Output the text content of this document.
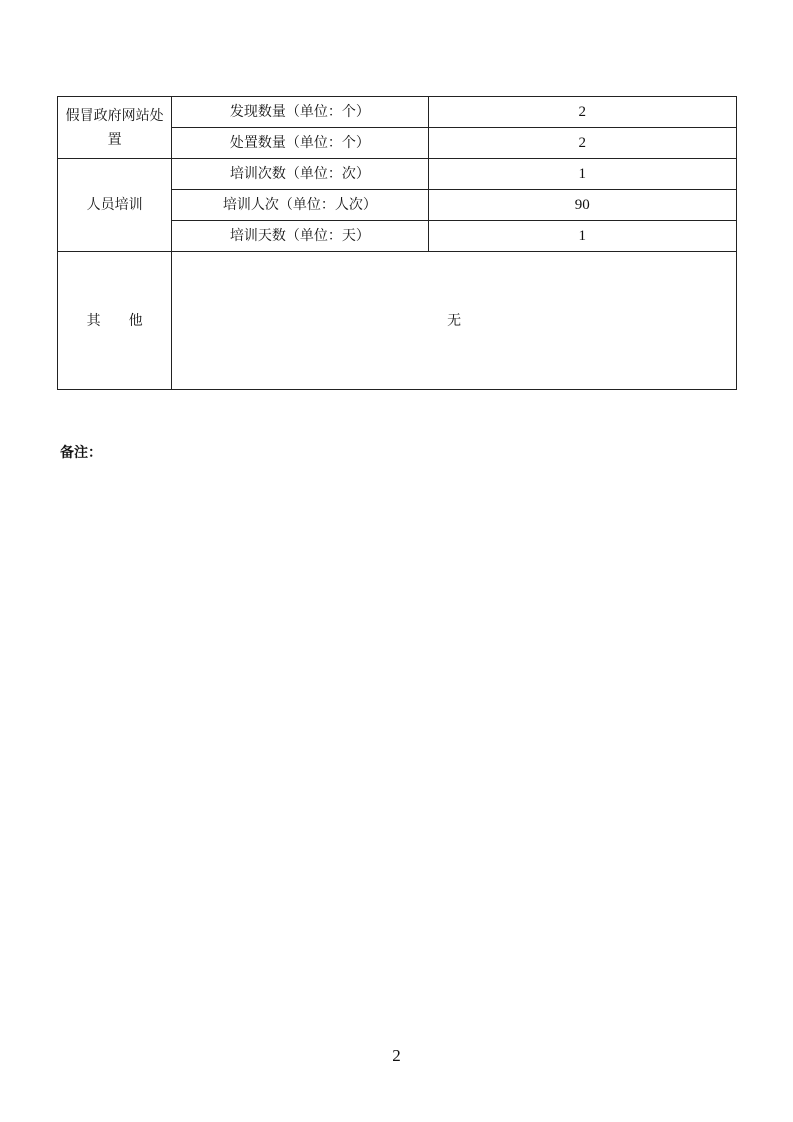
假冒政府网站处置	发现数量（单位：个）	2
	处置数量（单位：个）	2
人员培训	培训次数（单位：次）	1
	培训人次（单位：人次）	90
	培训天数（单位：天）	1
其 他	无	
备注：
2
